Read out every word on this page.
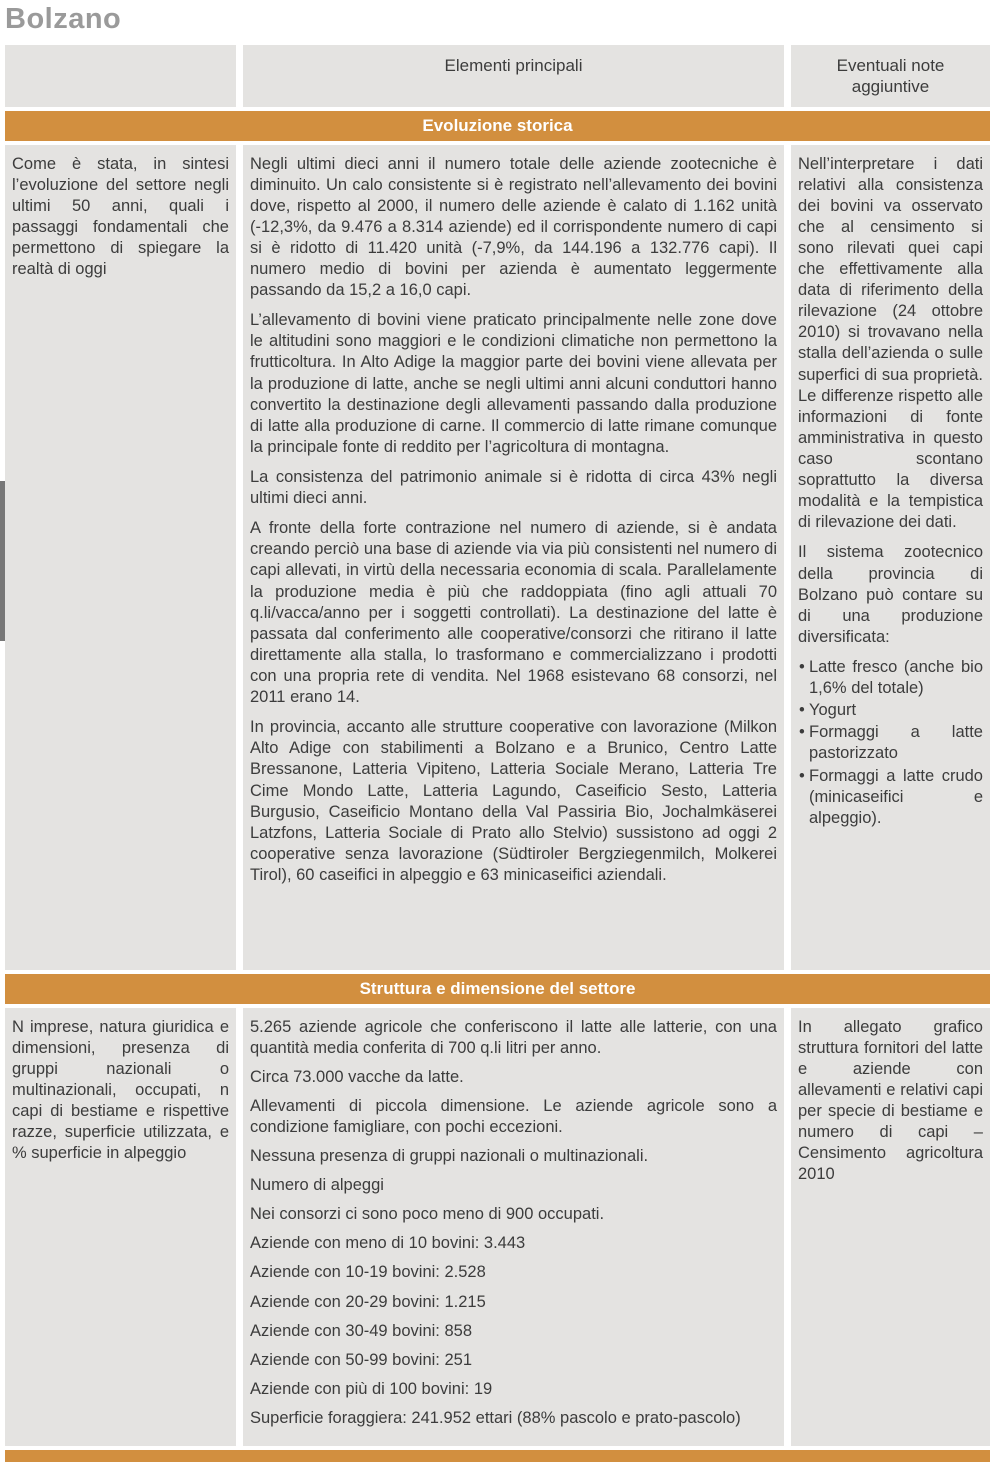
Bolzano
Elementi principali	Eventuali note aggiuntive
Evoluzione storica

Come è stata, in sintesi l’evoluzione del settore negli ultimi 50 anni, quali i passaggi fondamentali che permettono di spiegare la realtà di oggi

Negli ultimi dieci anni il numero totale delle aziende zootecniche è diminuito. Un calo consistente si è registrato nell’allevamento dei bovini dove, rispetto al 2000, il numero delle aziende è calato di 1.162 unità (-12,3%, da 9.476 a 8.314 aziende) ed il corrispondente numero di capi si è ridotto di 11.420 unità (-7,9%, da 144.196 a 132.776 capi). Il numero medio di bovini per azienda è aumentato leggermente passando da 15,2 a 16,0 capi.

L’allevamento di bovini viene praticato principalmente nelle zone dove le altitudini sono maggiori e le condizioni climatiche non permettono la frutticoltura. In Alto Adige la maggior parte dei bovini viene allevata per la produzione di latte, anche se negli ultimi anni alcuni conduttori hanno convertito la destinazione degli allevamenti passando dalla produzione di latte alla produzione di carne. Il commercio di latte rimane comunque la principale fonte di reddito per l’agricoltura di montagna.

La consistenza del patrimonio animale si è ridotta di circa 43% negli ultimi dieci anni.

A fronte della forte contrazione nel numero di aziende, si è andata creando perciò una base di aziende via via più consistenti nel numero di capi allevati, in virtù della necessaria economia di scala. Parallelamente la produzione media è più che raddoppiata (fino agli attuali 70 q.li/vacca/anno per i soggetti controllati). La destinazione del latte è passata dal conferimento alle cooperative/consorzi che ritirano il latte direttamente alla stalla, lo trasformano e commercializzano i prodotti con una propria rete di vendita. Nel 1968 esistevano 68 consorzi, nel 2011 erano 14.

In provincia, accanto alle strutture cooperative con lavorazione (Milkon Alto Adige con stabilimenti a Bolzano e a Brunico, Centro Latte Bressanone, Latteria Vipiteno, Latteria Sociale Merano, Latteria Tre Cime Mondo Latte, Latteria Lagundo, Caseificio Sesto, Latteria Burgusio, Caseificio Montano della Val Passiria Bio, Jochalmkäserei Latzfons, Latteria Sociale di Prato allo Stelvio) sussistono ad oggi 2 cooperative senza lavorazione (Südtiroler Bergziegenmilch, Molkerei Tirol), 60 caseifici in alpeggio e 63 minicaseifici aziendali.

Nell’interpretare i dati relativi alla consistenza dei bovini va osservato che al censimento si sono rilevati quei capi che effettivamente alla data di riferimento della rilevazione (24 ottobre 2010) si trovavano nella stalla dell’azienda o sulle superfici di sua proprietà. Le differenze rispetto alle informazioni di fonte amministrativa in questo caso scontano soprattutto la diversa modalità e la tempistica di rilevazione dei dati.

Il sistema zootecnico della provincia di Bolzano può contare su di una produzione diversificata:

• Latte fresco (anche bio 1,6% del totale)
• Yogurt
• Formaggi a latte pastorizzato
• Formaggi a latte crudo (minicaseifici e alpeggio).
Struttura e dimensione del settore

N imprese, natura giuridica e dimensioni, presenza di gruppi nazionali o multinazionali, occupati, n capi di bestiame e rispettive razze, superficie utilizzata, e % superficie in alpeggio

5.265 aziende agricole che conferiscono il latte alle latterie, con una quantità media conferita di 700 q.li litri per anno.

Circa 73.000 vacche da latte.

Allevamenti di piccola dimensione. Le aziende agricole sono a condizione famigliare, con pochi eccezioni.

Nessuna presenza di gruppi nazionali o multinazionali.

Numero di alpeggi

Nei consorzi ci sono poco meno di 900 occupati.

Aziende con meno di 10 bovini: 3.443

Aziende con 10-19 bovini: 2.528

Aziende con 20-29 bovini: 1.215

Aziende con 30-49 bovini: 858

Aziende con 50-99 bovini: 251

Aziende con più di 100 bovini: 19

Superficie foraggiera: 241.952 ettari (88% pascolo e prato-pascolo)

In allegato grafico struttura fornitori del latte e aziende con allevamenti e relativi capi per specie di bestiame e numero di capi – Censimento agricoltura 2010
